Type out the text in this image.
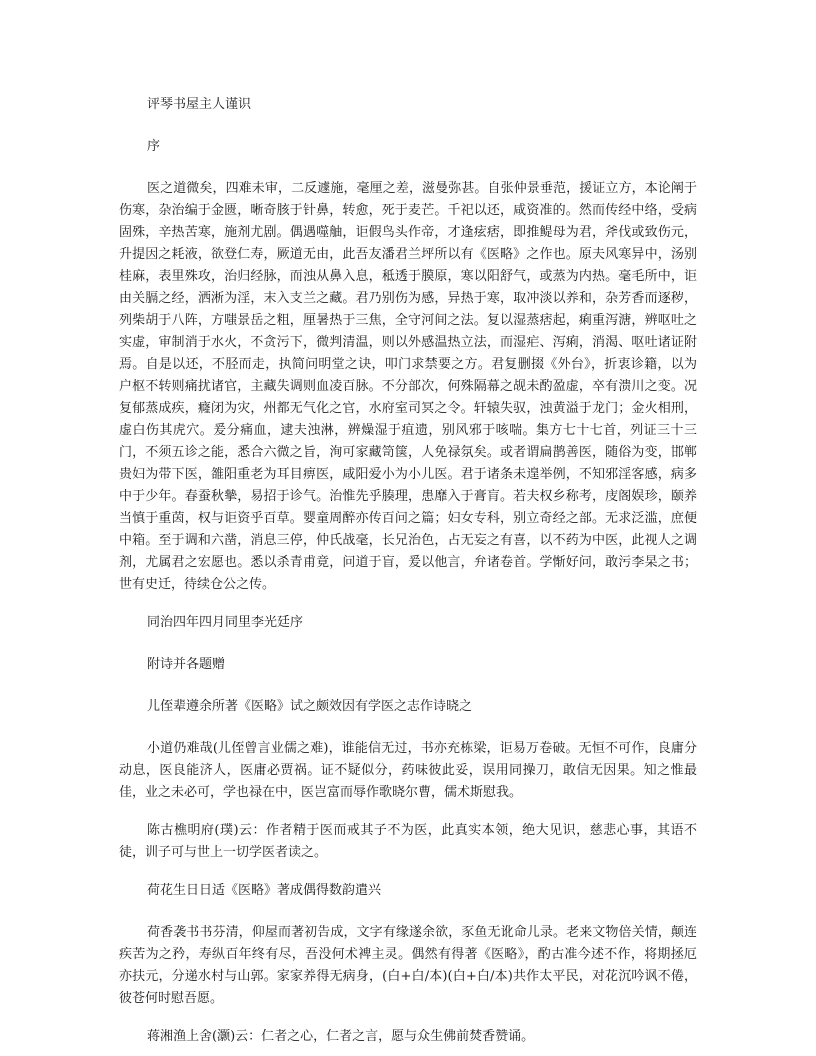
评琴书屋主人谨识

序

医之道微矣，四难未审，二反遽施，毫厘之差，滋曼弥甚。自张仲景垂范，援证立方，本论阐于伤寒，杂治编于金匮，晰奇胲于针鼻，转愈，死于麦芒。千祀以还，咸资准的。然而传经中络，受病固殊，辛热苦寒，施剂尤剧。偶遇噬舳，讵假鸟头作帝，才逢痃痞，即推鳀母为君，斧伐或致伤元，升提因之耗液，欲登仁寿，厥道无由，此吾友潘君兰坪所以有《医略》之作也。原夫风寒异中，汤别桂麻，表里殊攻，治归经脉，而浊从鼻入息，秪透于膜原，寒以阳舒气，或蒸为内热。毫毛所中，讵由关膈之经，洒淅为淫，末入支兰之藏。君乃别伤为感，异热于寒，取冲淡以养和，杂芳香而逐秽，列柴胡于八阵，方嗤景岳之粗，厘暑热于三焦，全守河间之法。复以湿蒸痞起，痢重泻溏，辨呕吐之实虚，审制消于水火，不贪污下，微判清温，则以外感温热立法，而湿疟、泻痢，消渴、呕吐诸证附焉。自是以还，不胫而走，执简问明堂之诀，叩门求禁要之方。君复删掇《外台》，折衷诊籍，以为户枢不转则痛扰诸官，主藏失调则血凌百脉。不分部次，何殊隔幕之觇未酌盈虚，卒有溃川之变。况复郁蒸成疾，癃闭为灾，州都无气化之官，水府室司冥之令。轩辕失驭，浊黄溢于龙门；金火相刑，虚白伤其虎穴。爰分痛血，逮夫浊淋，辨燥湿于疽遗，别风邪于咳喘。集方七十七首，列证三十三门，不须五诊之能，悉合六微之旨，洵可家藏笥箧，人免禄氛矣。或者谓扁鹊善医，随俗为变，邯郸贵妇为带下医，雒阳重老为耳目痹医，咸阳爱小为小儿医。君于诸条未遑举例，不知邪淫客感，病多中于少年。春蚕秋摰，易招于诊气。治惟先乎腠理，患靡入于膏肓。若夫权乡称考，庋阁娱珍，颐养当慎于重茵，权与讵资乎百草。婴童周醉亦传百问之篇；妇女专科，别立奇经之部。无求泛滥，庶便中箱。至于调和六凿，消息三停，仲氏战毫，长兄治色，占无妄之有喜，以不药为中医，此视人之调剂，尤属君之宏愿也。悉以杀青甫竟，问道于盲，爰以他言，弁诸卷首。学惭好问，敢污李杲之书；世有史迁，待续仓公之传。

同治四年四月同里李光廷序

附诗并各题赠

儿侄辈遵余所著《医略》试之颇效因有学医之志作诗晓之

小道仍难哉(儿侄曾言业儒之难)，谁能信无过，书亦充栋梁，讵易万卷破。无恒不可作，良庸分动息，医良能济人，医庸必贾祸。证不疑似分，药味彼此妥，误用同操刀，敢信无因果。知之惟最佳，业之未必可，学也禄在中，医岂富而辱作歌晓尔曹，儒术斯慰我。

陈古樵明府(璞)云：作者精于医而戒其子不为医，此真实本领，绝大见识，慈悲心事，其语不徒，训子可与世上一切学医者读之。

荷花生日日适《医略》著成偶得数韵遣兴

荷香袭书书芬清，仰屋而著初告成，文字有缘遂余欲，豕鱼无讹命儿录。老来文物倍关情，颠连疾苦为之矜，寿纵百年终有尽，吾没何术裨主灵。偶然有得著《医略》，酌古准今述不作，将期拯厄亦扶元，分递水村与山郭。家家养得无病身，(白+白/本)(白+白/本)共作太平民，对花沉吟讽不倦，彼苍何时慰吾愿。

蒋湘渔上舍(灏)云：仁者之心，仁者之言，愿与众生佛前焚香赞诵。
